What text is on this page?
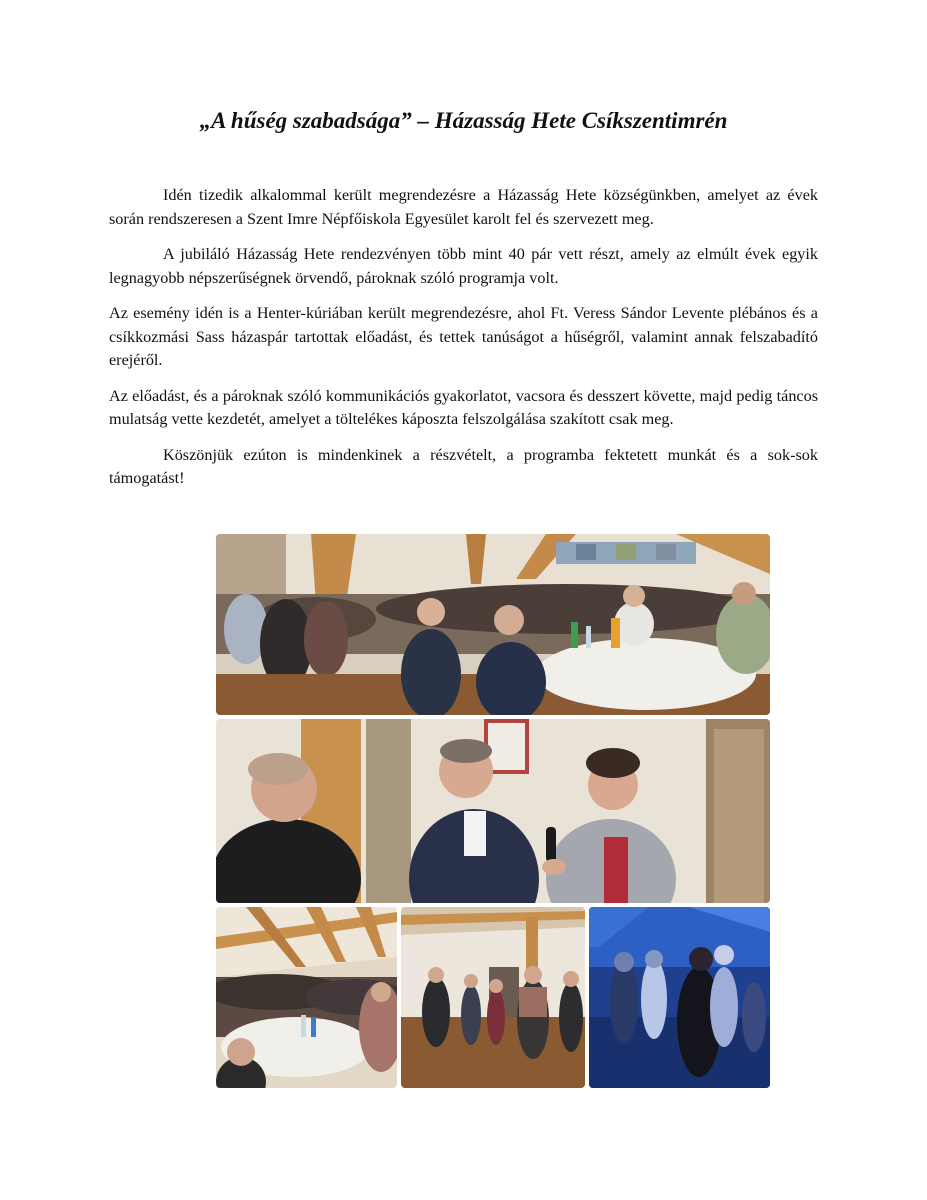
„A hűség szabadsága” – Házasság Hete Csíkszentimrén

Idén tizedik alkalommal került megrendezésre a Házasság Hete községünkben, amelyet az évek során rendszeresen a Szent Imre Népfőiskola Egyesület karolt fel és szervezett meg.

A jubiláló Házasság Hete rendezvényen több mint 40 pár vett részt, amely az elmúlt évek egyik legnagyobb népszerűségnek örvendő, pároknak szóló programja volt.

Az esemény idén is a Henter-kúriában került megrendezésre, ahol Ft. Veress Sándor Levente plébános és a csíkkozmási Sass házaspár tartottak előadást, és tettek tanúságot a hűségről, valamint annak felszabadító erejéről.

Az előadást, és a pároknak szóló kommunikációs gyakorlatot, vacsora és desszert követte, majd pedig táncos mulatság vette kezdetét, amelyet a töltelékes káposzta felszolgálása szakított csak meg.

Köszönjük ezúton is mindenkinek a részvételt, a programba fektetett munkát és a sok-sok támogatást!
